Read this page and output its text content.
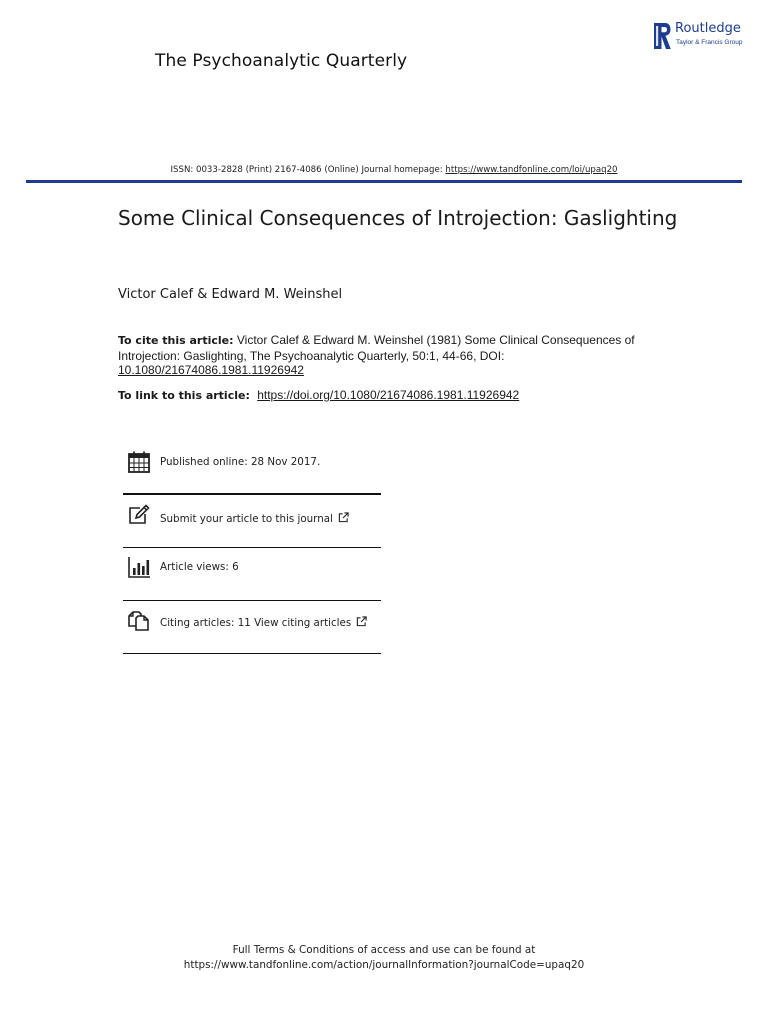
The Psychoanalytic Quarterly
Routledge
Taylor & Francis Group
ISSN: 0033-2828 (Print) 2167-4086 (Online) Journal homepage: https://www.tandfonline.com/loi/upaq20
Some Clinical Consequences of Introjection: Gaslighting
Victor Calef & Edward M. Weinshel
To cite this article: Victor Calef & Edward M. Weinshel (1981) Some Clinical Consequences of Introjection: Gaslighting, The Psychoanalytic Quarterly, 50:1, 44-66, DOI:
10.1080/21674086.1981.11926942
To link to this article: https://doi.org/10.1080/21674086.1981.11926942
Published online: 28 Nov 2017.
Submit your article to this journal
Article views: 6
Citing articles: 11 View citing articles
Full Terms & Conditions of access and use can be found at
https://www.tandfonline.com/action/journalInformation?journalCode=upaq20
